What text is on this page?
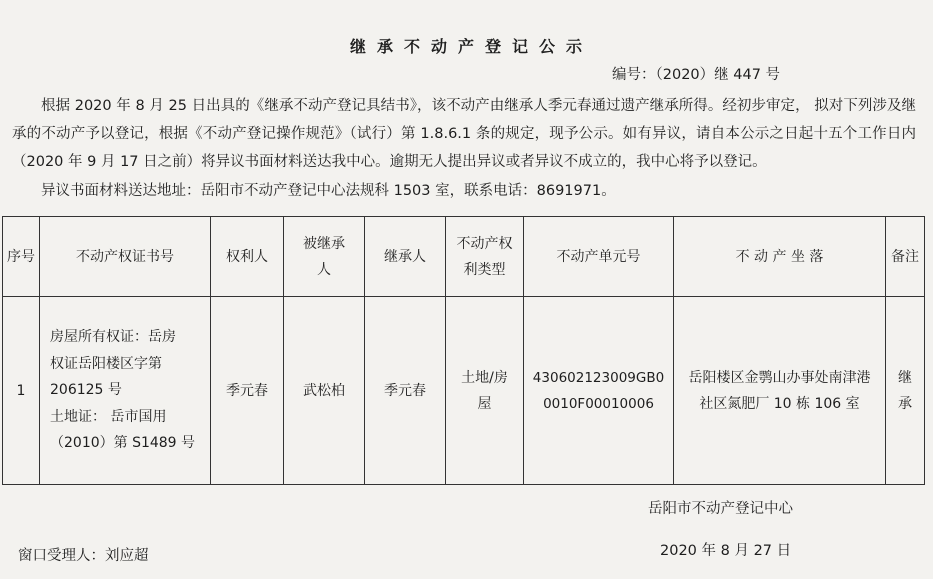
继承不动产登记公示
编号：（2020）继 447 号

根据 2020 年 8 月 25 日出具的《继承不动产登记具结书》，该不动产由继承人季元春通过遗产继承所得。经初步审定， 拟对下列涉及继承的不动产予以登记，根据《不动产登记操作规范》（试行）第 1.8.6.1 条的规定，现予公示。如有异议，请自本公示之日起十五个工作日内（2020 年 9 月 17 日之前）将异议书面材料送达我中心。逾期无人提出异议或者异议不成立的，我中心将予以登记。

异议书面材料送达地址：岳阳市不动产登记中心法规科 1503 室，联系电话：8691971。

序号	不动产权证书号	权利人	被继承人	继承人	不动产权利类型	不动产单元号	不 动 产 坐 落	备注
1	房屋所有权证：岳房
权证岳阳楼区字第
206125 号
土地证： 岳市国用
（2010）第 S1489 号	季元春	武松柏	季元春	土地/房屋	430602123009GB00010F00010006	岳阳楼区金鹗山办事处南津港社区氮肥厂 10 栋 106 室	继承
岳阳市不动产登记中心
窗口受理人：刘应超	2020 年 8 月 27 日
